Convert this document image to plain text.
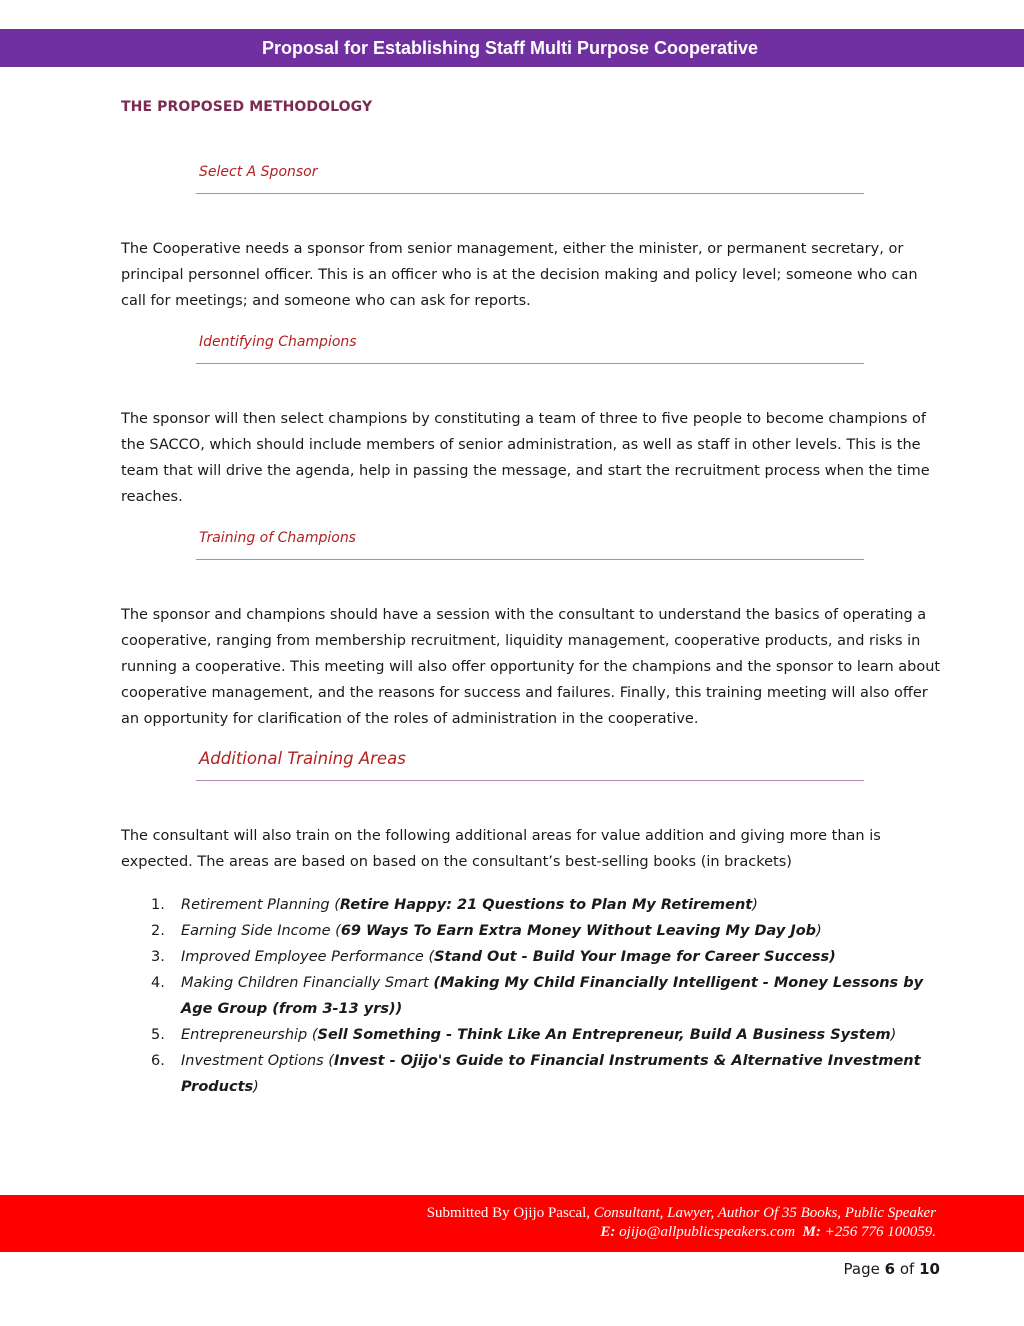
Proposal for Establishing Staff Multi Purpose Cooperative
THE PROPOSED METHODOLOGY
Select A Sponsor
The Cooperative needs a sponsor from senior management, either the minister, or permanent secretary, or principal personnel officer. This is an officer who is at the decision making and policy level; someone who can call for meetings; and someone who can ask for reports.
Identifying Champions
The sponsor will then select champions by constituting a team of three to five people to become champions of the SACCO, which should include members of senior administration, as well as staff in other levels. This is the team that will drive the agenda, help in passing the message, and start the recruitment process when the time reaches.
Training of Champions
The sponsor and champions should have a session with the consultant to understand the basics of operating a cooperative, ranging from membership recruitment, liquidity management, cooperative products, and risks in running a cooperative. This meeting will also offer opportunity for the champions and the sponsor to learn about cooperative management, and the reasons for success and failures. Finally, this training meeting will also offer an opportunity for clarification of the roles of administration in the cooperative.
Additional Training Areas
The consultant will also train on the following additional areas for value addition and giving more than is expected. The areas are based on based on the consultant’s best-selling books (in brackets)
1.	Retirement Planning (Retire Happy: 21 Questions to Plan My Retirement)
2.	Earning Side Income (69 Ways To Earn Extra Money Without Leaving My Day Job)
3.	Improved Employee Performance (Stand Out - Build Your Image for Career Success)
4.	Making Children Financially Smart (Making My Child Financially Intelligent - Money Lessons by Age Group (from 3-13 yrs))
5.	Entrepreneurship (Sell Something - Think Like An Entrepreneur, Build A Business System)
6.	Investment Options (Invest - Ojijo's Guide to Financial Instruments & Alternative Investment Products)
Submitted By Ojijo Pascal, Consultant, Lawyer, Author Of 35 Books, Public Speaker
E: ojijo@allpublicspeakers.com M: +256 776 100059.
Page 6 of 10
